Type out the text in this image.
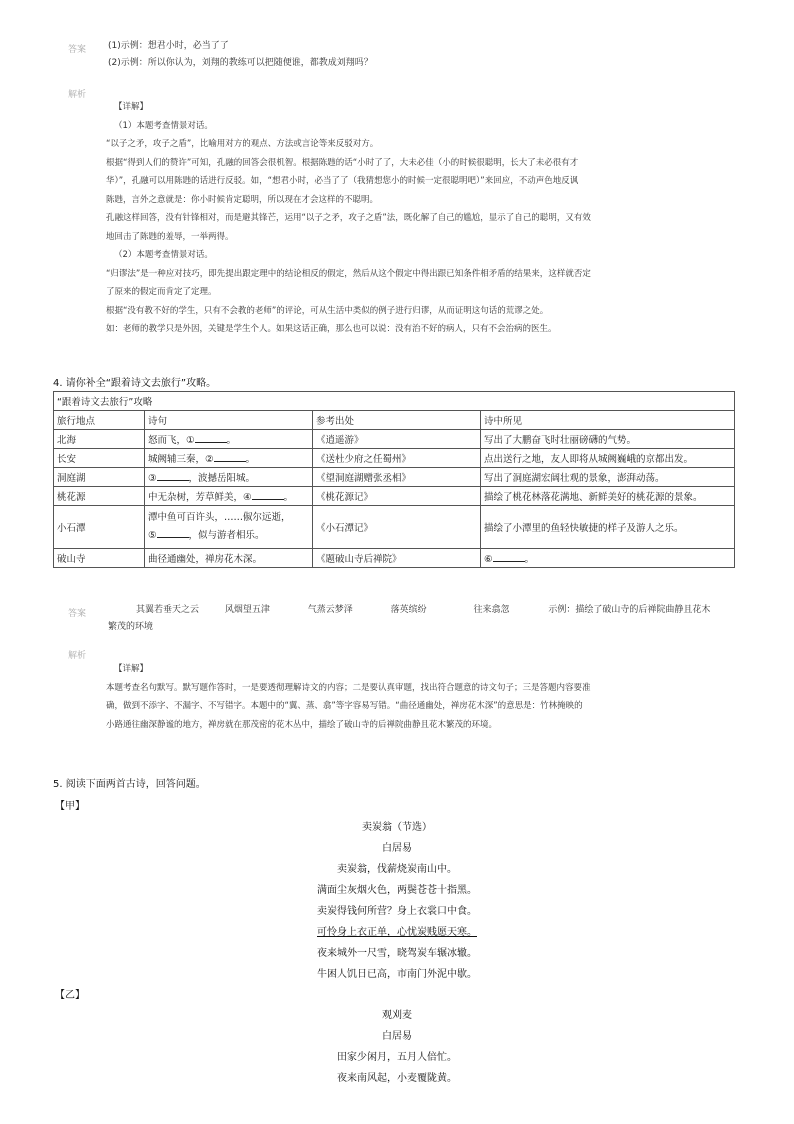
答案 (1)示例：想君小时，必当了了
(2)示例：所以你认为，刘翔的教练可以把随便谁，都教成刘翔吗？
解析
【详解】
（1）本题考查情景对话。
“以子之矛，攻子之盾”，比喻用对方的观点、方法或言论等来反驳对方。
根据“得到人们的赞许”可知，孔融的回答会很机智。根据陈韪的话“小时了了，大未必佳（小的时候很聪明，长大了未必很有才
华）”，孔融可以用陈韪的话进行反驳。如，“想君小时，必当了了（我猜想您小的时候一定很聪明吧）”来回应，不动声色地反讽
陈韪，言外之意就是：你小时候肯定聪明，所以现在才会这样的不聪明。
孔融这样回答，没有针锋相对，而是避其锋芒，运用“以子之矛，攻子之盾”法，既化解了自己的尴尬，显示了自己的聪明，又有效
地回击了陈韪的羞辱，一举两得。
（2）本题考查情景对话。
“归谬法”是一种应对技巧，即先提出跟定理中的结论相反的假定，然后从这个假定中得出跟已知条件相矛盾的结果来，这样就否定
了原来的假定而肯定了定理。
根据“没有教不好的学生，只有不会教的老师”的评论，可从生活中类似的例子进行归谬，从而证明这句话的荒谬之处。
如：老师的教学只是外因，关键是学生个人。如果这话正确，那么也可以说：没有治不好的病人，只有不会治病的医生。
4. 请你补全“跟着诗文去旅行”攻略。
“跟着诗文去旅行”攻略			
旅行地点	诗句	参考出处	诗中所见
北海	怒而飞，① 。	《逍遥游》	写出了大鹏奋飞时壮丽磅礴的气势。
长安	城阙辅三秦，② 。	《送杜少府之任蜀州》	点出送行之地，友人即将从城阙巍峨的京都出发。
洞庭湖	③ ，波撼岳阳城。	《望洞庭湖赠张丞相》	写出了洞庭湖宏阔壮观的景象，澎湃动荡。
桃花源	中无杂树，芳草鲜美，④ 。	《桃花源记》	描绘了桃花林落花满地、新鲜美好的桃花源的景象。
小石潭	潭中鱼可百许头，……俶尔远逝，
⑤ ，似与游者相乐。	《小石潭记》	描绘了小潭里的鱼轻快敏捷的样子及游人之乐。
破山寺	曲径通幽处，禅房花木深。	《题破山寺后禅院》	⑥ 。
答案	其翼若垂天之云	风烟望五津	气蒸云梦泽	落英缤纷	往来翕忽	示例：描绘了破山寺的后禅院曲静且花木
繁茂的环境
解析
【详解】
本题考查名句默写。默写题作答时，一是要透彻理解诗文的内容；二是要认真审题，找出符合题意的诗文句子；三是答题内容要准
确，做到不添字、不漏字、不写错字。本题中的“翼、蒸、翕”等字容易写错。“曲径通幽处，禅房花木深”的意思是：竹林掩映的
小路通往幽深静谧的地方，禅房就在那茂密的花木丛中，描绘了破山寺的后禅院曲静且花木繁茂的环境。
5. 阅读下面两首古诗，回答问题。
【甲】
卖炭翁（节选）
白居易
卖炭翁，伐薪烧炭南山中。
满面尘灰烟火色，两鬓苍苍十指黑。
卖炭得钱何所营？身上衣裳口中食。
可怜身上衣正单，心忧炭贱愿天寒。
夜来城外一尺雪，晓驾炭车辗冰辙。
牛困人饥日已高，市南门外泥中歇。
【乙】
观刈麦
白居易
田家少闲月，五月人倍忙。
夜来南风起，小麦覆陇黄。
